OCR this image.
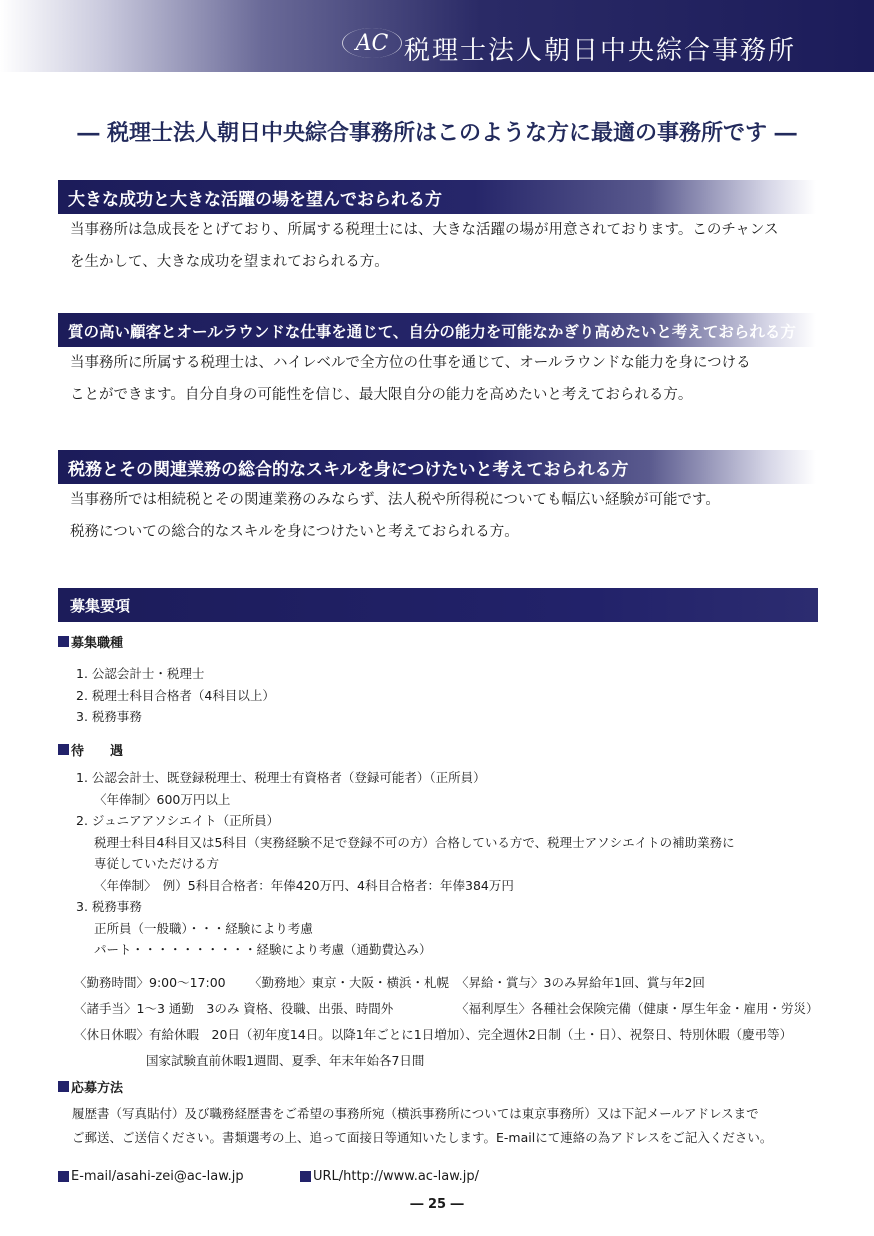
AC 税理士法人朝日中央綜合事務所
― 税理士法人朝日中央綜合事務所はこのような方に最適の事務所です ―
大きな成功と大きな活躍の場を望んでおられる方

当事務所は急成長をとげており、所属する税理士には、大きな活躍の場が用意されております。このチャンス

を生かして、大きな成功を望まれておられる方。

質の高い顧客とオールラウンドな仕事を通じて、自分の能力を可能なかぎり高めたいと考えておられる方

当事務所に所属する税理士は、ハイレベルで全方位の仕事を通じて、オールラウンドな能力を身につける

ことができます。自分自身の可能性を信じ、最大限自分の能力を高めたいと考えておられる方。

税務とその関連業務の総合的なスキルを身につけたいと考えておられる方

当事務所では相続税とその関連業務のみならず、法人税や所得税についても幅広い経験が可能です。

税務についての総合的なスキルを身につけたいと考えておられる方。

募集要項
募集職種
1. 公認会計士・税理士
2. 税理士科目合格者（4科目以上）
3. 税務事務
待　　遇
1. 公認会計士、既登録税理士、税理士有資格者（登録可能者）（正所員）
〈年俸制〉600万円以上
2. ジュニアアソシエイト（正所員）
税理士科目4科目又は5科目（実務経験不足で登録不可の方）合格している方で、税理士アソシエイトの補助業務に
専従していただける方
〈年俸制〉　例）5科目合格者：年俸420万円、4科目合格者：年俸384万円
3. 税務事務
正所員（一般職）・・・経験により考慮
パート・・・・・・・・・・経験により考慮（通勤費込み）
〈勤務時間〉9:00～17:00 〈勤務地〉東京・大阪・横浜・札幌 〈昇給・賞与〉3のみ昇給年1回、賞与年2回
〈諸手当〉1～3 通勤　3のみ 資格、役職、出張、時間外	〈福利厚生〉各種社会保険完備（健康・厚生年金・雇用・労災）
〈休日休暇〉有給休暇　20日（初年度14日。以降1年ごとに1日増加）、完全週休2日制（土・日）、祝祭日、特別休暇（慶弔等）
国家試験直前休暇1週間、夏季、年末年始各7日間
応募方法
履歴書（写真貼付）及び職務経歴書をご希望の事務所宛（横浜事務所については東京事務所）又は下記メールアドレスまで
ご郵送、ご送信ください。書類選考の上、追って面接日等通知いたします。E-mailにて連絡の為アドレスをご記入ください。
E-mail/asahi-zei@ac-law.jp	URL/http://www.ac-law.jp/
― 25 ―
